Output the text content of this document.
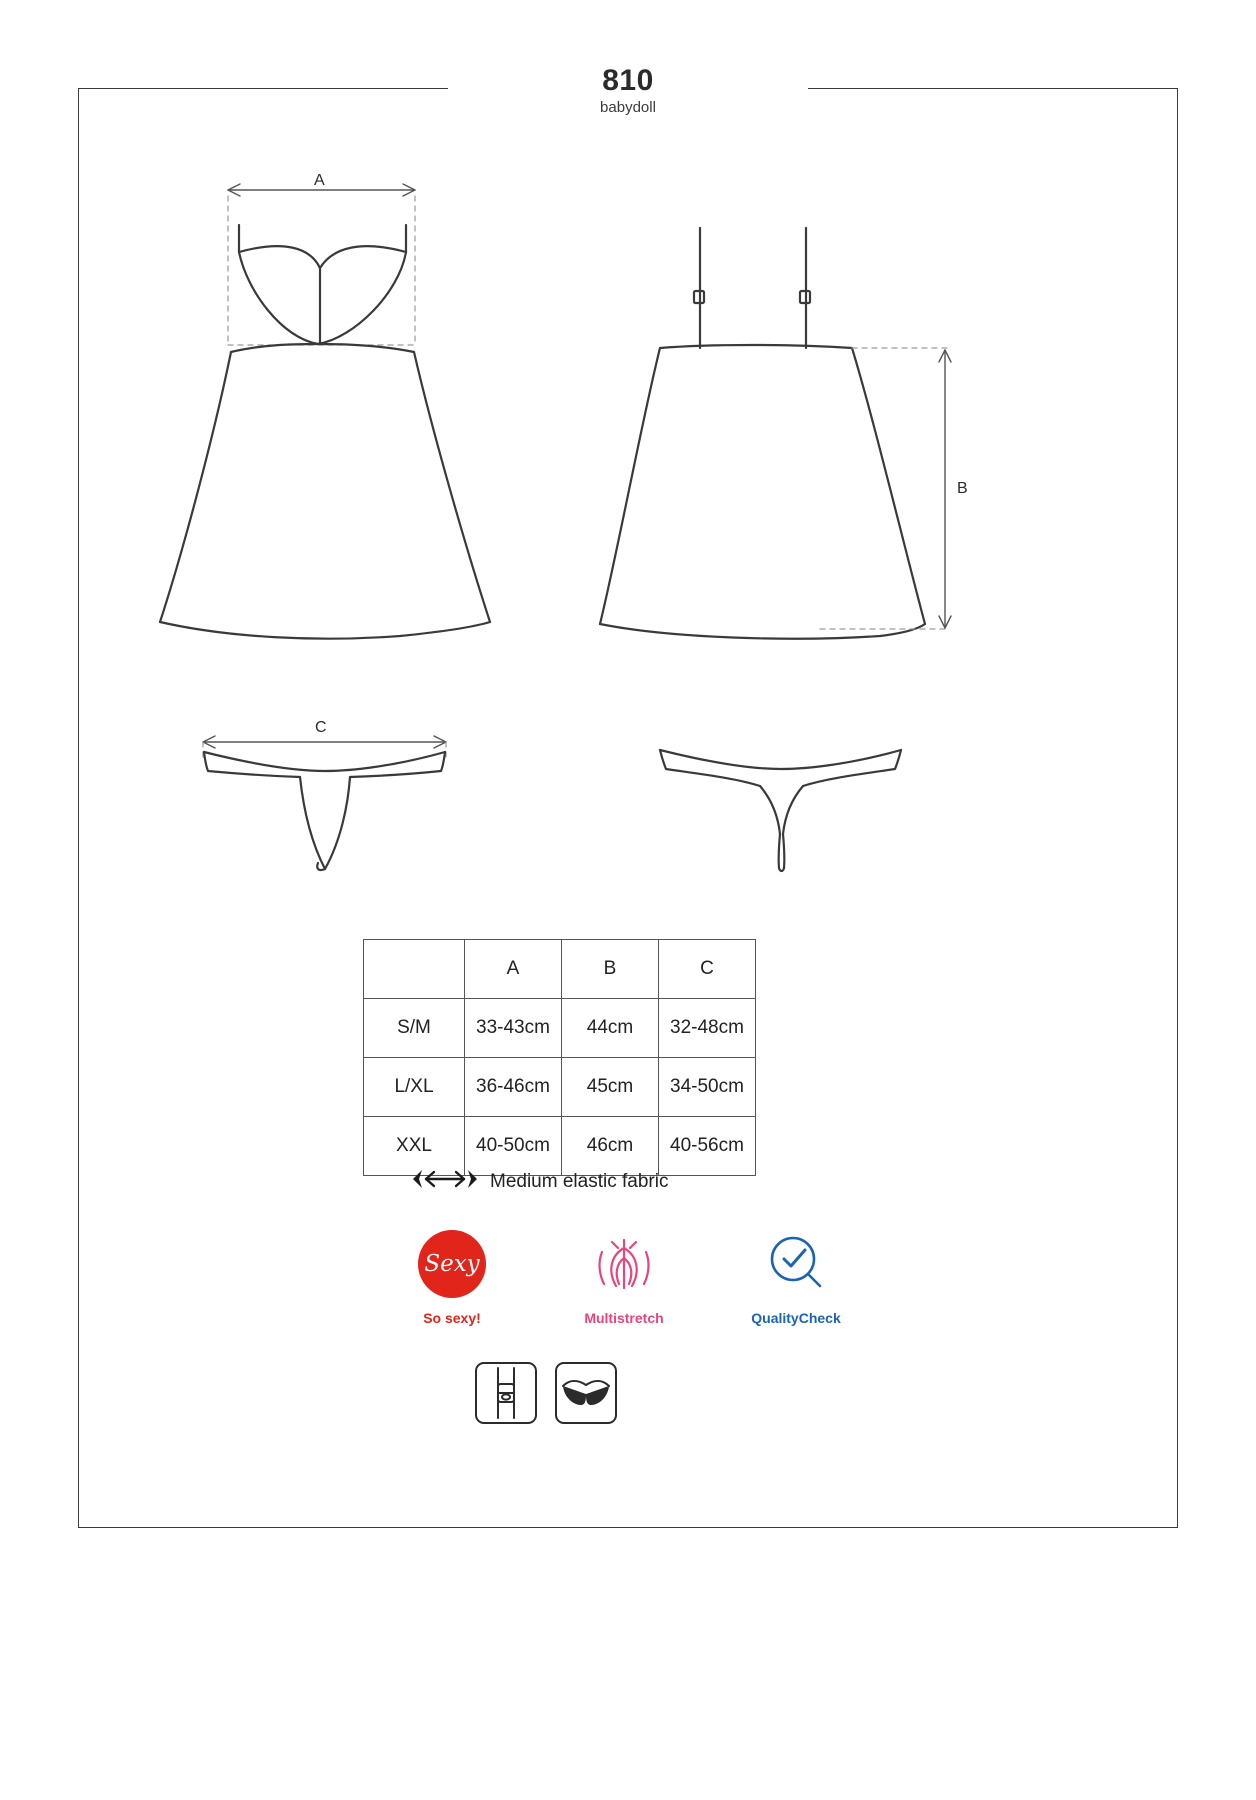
810
babydoll
A
B
C
	A	B	C
S/M	33-43cm	44cm	32-48cm
L/XL	36-46cm	45cm	34-50cm
XXL	40-50cm	46cm	40-56cm
Medium elastic fabric
Sexy
So sexy!	Multistretch	QualityCheck
